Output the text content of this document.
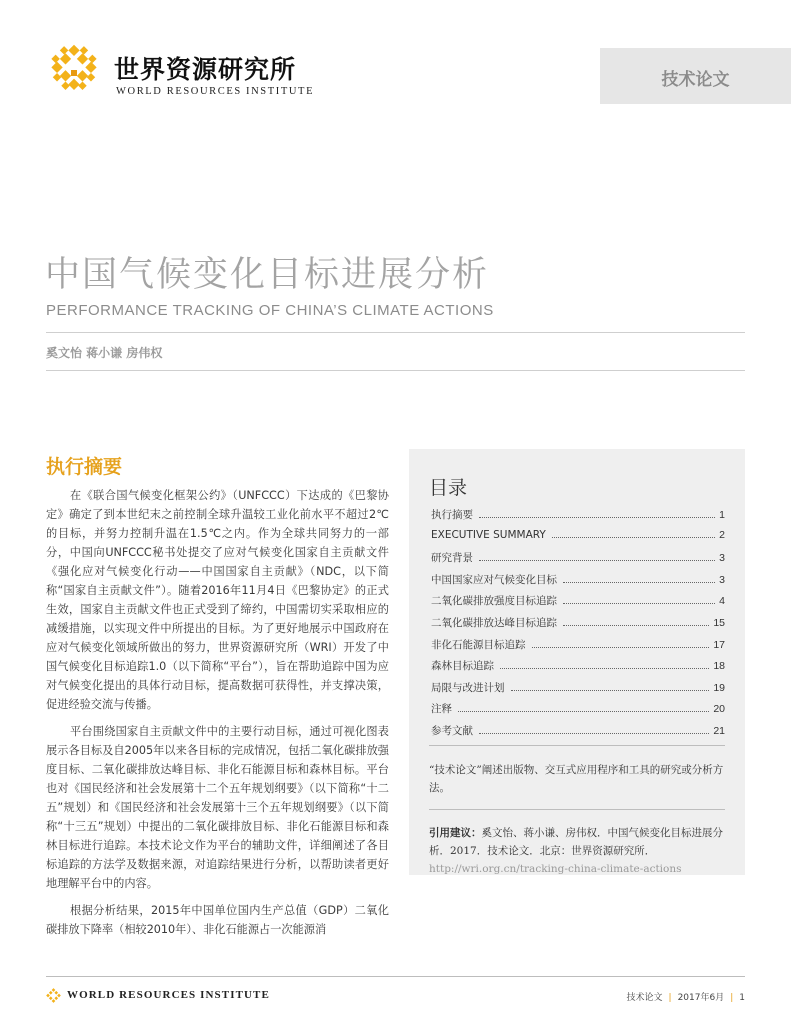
世界资源研究所
WORLD RESOURCES INSTITUTE
技术论文
中国气候变化目标进展分析
PERFORMANCE TRACKING OF CHINA’S CLIMATE ACTIONS
奚文怡 蒋小谦 房伟权
执行摘要

在《联合国气候变化框架公约》（UNFCCC）下达成的《巴黎协定》确定了到本世纪末之前控制全球升温较工业化前水平不超过2℃的目标，并努力控制升温在1.5℃之内。作为全球共同努力的一部分，中国向UNFCCC秘书处提交了应对气候变化国家自主贡献文件《强化应对气候变化行动——中国国家自主贡献》（NDC，以下简称“国家自主贡献文件”）。随着2016年11月4日《巴黎协定》的正式生效，国家自主贡献文件也正式受到了缔约，中国需切实采取相应的减缓措施，以实现文件中所提出的目标。为了更好地展示中国政府在应对气候变化领域所做出的努力，世界资源研究所（WRI）开发了中国气候变化目标追踪1.0（以下简称“平台”），旨在帮助追踪中国为应对气候变化提出的具体行动目标，提高数据可获得性，并支撑决策，促进经验交流与传播。

平台围绕国家自主贡献文件中的主要行动目标，通过可视化图表展示各目标及自2005年以来各目标的完成情况，包括二氧化碳排放强度目标、二氧化碳排放达峰目标、非化石能源目标和森林目标。平台也对《国民经济和社会发展第十二个五年规划纲要》（以下简称“十二五”规划）和《国民经济和社会发展第十三个五年规划纲要》（以下简称“十三五”规划）中提出的二氧化碳排放目标、非化石能源目标和森林目标进行追踪。本技术论文作为平台的辅助文件，详细阐述了各目标追踪的方法学及数据来源，对追踪结果进行分析，以帮助读者更好地理解平台中的内容。

根据分析结果，2015年中国单位国内生产总值（GDP）二氧化碳排放下降率（相较2010年）、非化石能源占一次能源消

目录
执行摘要	1
EXECUTIVE SUMMARY	2
研究背景	3
中国国家应对气候变化目标	3
二氧化碳排放强度目标追踪	4
二氧化碳排放达峰目标追踪	15
非化石能源目标追踪	17
森林目标追踪	18
局限与改进计划	19
注释	20
参考文献	21
“技术论文”阐述出版物、交互式应用程序和工具的研究或分析方法。
引用建议：奚文怡、蒋小谦、房伟权．中国气候变化目标进展分析．2017．技术论文．北京：世界资源研究所．http://wri.org.cn/tracking-china-climate-actions
WORLD RESOURCES INSTITUTE	技术论文 | 2017年6月 | 1
